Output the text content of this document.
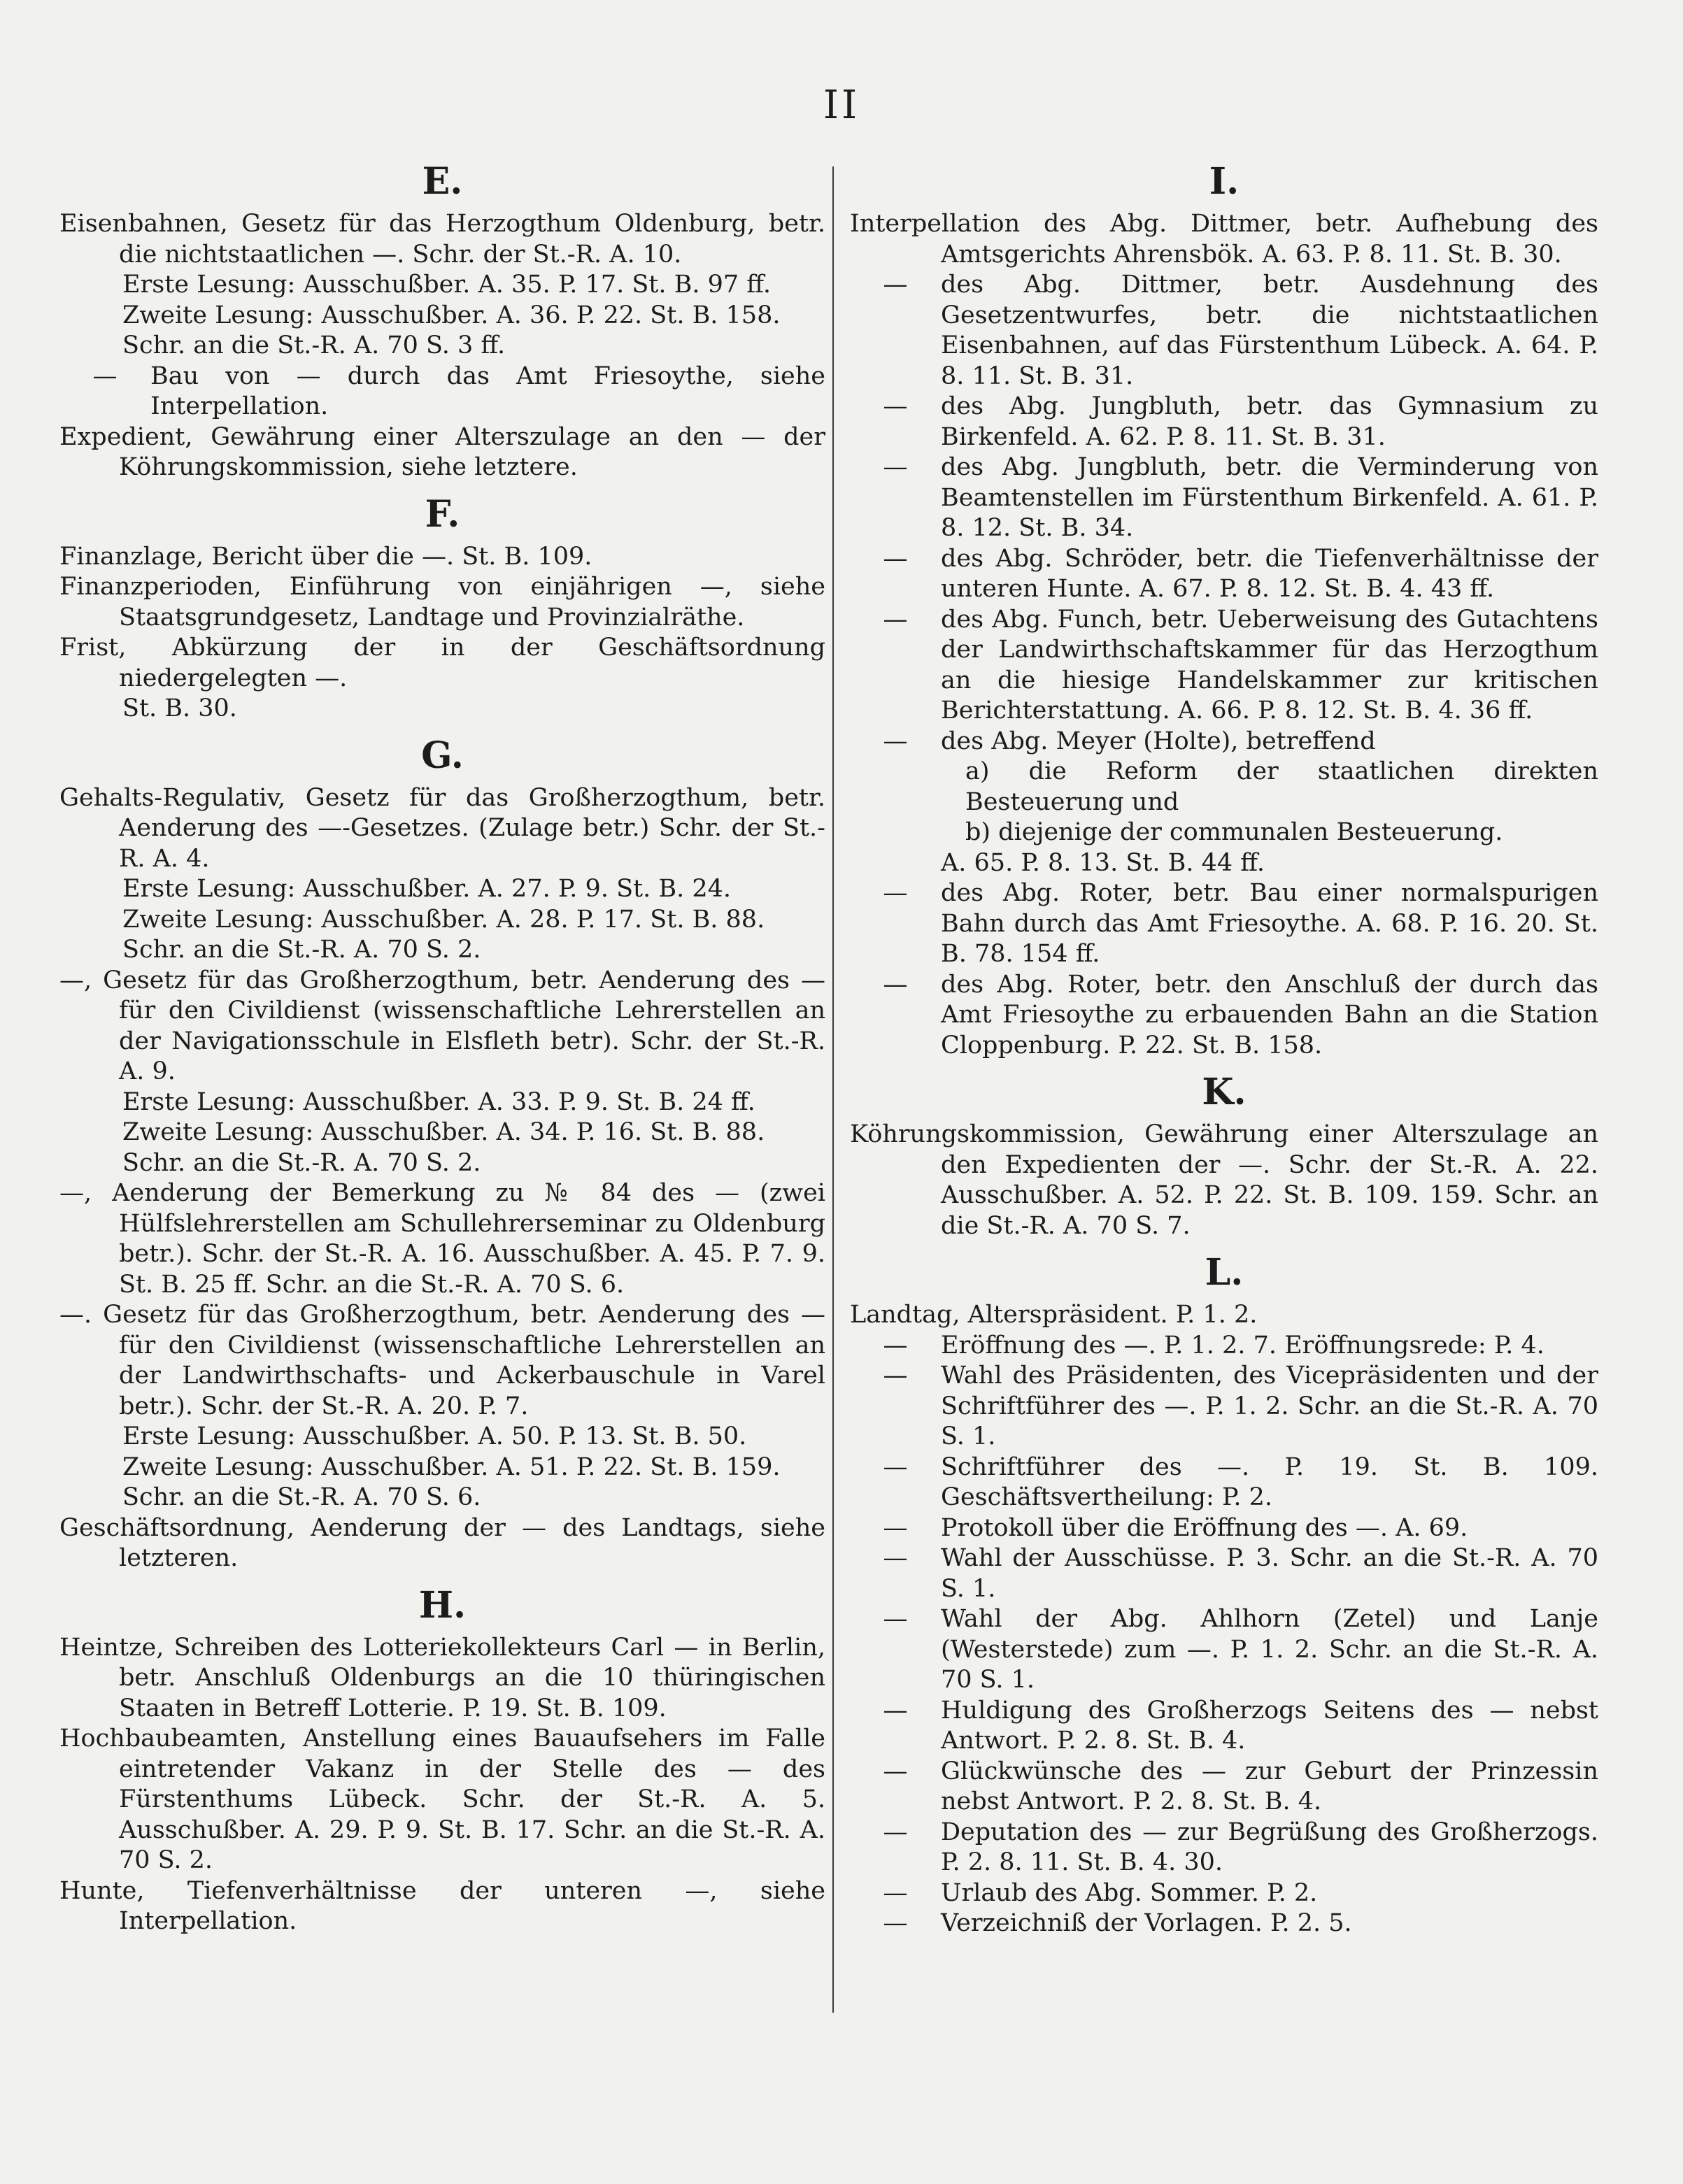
II
E.
Eisenbahnen, Gesetz für das Herzogthum Oldenburg, betr. die nichtstaatlichen —. Schr. der St.-R. A. 10.
Erste Lesung: Ausschußber. A. 35. P. 17. St. B. 97 ff.
Zweite Lesung: Ausschußber. A. 36. P. 22. St. B. 158.
Schr. an die St.-R. A. 70 S. 3 ff.
—	Bau von — durch das Amt Friesoythe, siehe Interpellation.
Expedient, Gewährung einer Alterszulage an den — der Köhrungskommission, siehe letztere.
F.
Finanzlage, Bericht über die —. St. B. 109.
Finanzperioden, Einführung von einjährigen —, siehe Staatsgrundgesetz, Landtage und Provinzialräthe.
Frist, Abkürzung der in der Geschäftsordnung niedergelegten —.
St. B. 30.
G.
Gehalts-Regulativ, Gesetz für das Großherzogthum, betr. Aenderung des —-Gesetzes. (Zulage betr.) Schr. der St.-R. A. 4.
Erste Lesung: Ausschußber. A. 27. P. 9. St. B. 24.
Zweite Lesung: Ausschußber. A. 28. P. 17. St. B. 88.
Schr. an die St.-R. A. 70 S. 2.
—, Gesetz für das Großherzogthum, betr. Aenderung des — für den Civildienst (wissenschaftliche Lehrerstellen an der Navigationsschule in Elsfleth betr). Schr. der St.-R. A. 9.
Erste Lesung: Ausschußber. A. 33. P. 9. St. B. 24 ff.
Zweite Lesung: Ausschußber. A. 34. P. 16. St. B. 88.
Schr. an die St.-R. A. 70 S. 2.
—, Aenderung der Bemerkung zu № 84 des — (zwei Hülfslehrerstellen am Schullehrerseminar zu Oldenburg betr.). Schr. der St.-R. A. 16. Ausschußber. A. 45. P. 7. 9. St. B. 25 ff. Schr. an die St.-R. A. 70 S. 6.
—. Gesetz für das Großherzogthum, betr. Aenderung des — für den Civildienst (wissenschaftliche Lehrerstellen an der Landwirthschafts- und Ackerbauschule in Varel betr.). Schr. der St.-R. A. 20. P. 7.
Erste Lesung: Ausschußber. A. 50. P. 13. St. B. 50.
Zweite Lesung: Ausschußber. A. 51. P. 22. St. B. 159.
Schr. an die St.-R. A. 70 S. 6.
Geschäftsordnung, Aenderung der — des Landtags, siehe letzteren.
H.
Heintze, Schreiben des Lotteriekollekteurs Carl — in Berlin, betr. Anschluß Oldenburgs an die 10 thüringischen Staaten in Betreff Lotterie. P. 19. St. B. 109.
Hochbaubeamten, Anstellung eines Bauaufsehers im Falle eintretender Vakanz in der Stelle des — des Fürstenthums Lübeck. Schr. der St.-R. A. 5. Ausschußber. A. 29. P. 9. St. B. 17. Schr. an die St.-R. A. 70 S. 2.
Hunte, Tiefenverhältnisse der unteren —, siehe Interpellation.
I.
Interpellation des Abg. Dittmer, betr. Aufhebung des Amtsgerichts Ahrensbök. A. 63. P. 8. 11. St. B. 30.
—	des Abg. Dittmer, betr. Ausdehnung des Gesetzentwurfes, betr. die nichtstaatlichen Eisenbahnen, auf das Fürstenthum Lübeck. A. 64. P. 8. 11. St. B. 31.
—	des Abg. Jungbluth, betr. das Gymnasium zu Birkenfeld. A. 62. P. 8. 11. St. B. 31.
—	des Abg. Jungbluth, betr. die Verminderung von Beamtenstellen im Fürstenthum Birkenfeld. A. 61. P. 8. 12. St. B. 34.
—	des Abg. Schröder, betr. die Tiefenverhältnisse der unteren Hunte. A. 67. P. 8. 12. St. B. 4. 43 ff.
—	des Abg. Funch, betr. Ueberweisung des Gutachtens der Landwirthschaftskammer für das Herzogthum an die hiesige Handelskammer zur kritischen Berichterstattung. A. 66. P. 8. 12. St. B. 4. 36 ff.
—	des Abg. Meyer (Holte), betreffend
a) die Reform der staatlichen direkten Besteuerung und
b) diejenige der communalen Besteuerung.
A. 65. P. 8. 13. St. B. 44 ff.
—	des Abg. Roter, betr. Bau einer normalspurigen Bahn durch das Amt Friesoythe. A. 68. P. 16. 20. St. B. 78. 154 ff.
—	des Abg. Roter, betr. den Anschluß der durch das Amt Friesoythe zu erbauenden Bahn an die Station Cloppenburg. P. 22. St. B. 158.
K.
Köhrungskommission, Gewährung einer Alterszulage an den Expedienten der —. Schr. der St.-R. A. 22. Ausschußber. A. 52. P. 22. St. B. 109. 159. Schr. an die St.-R. A. 70 S. 7.
L.
Landtag, Alterspräsident. P. 1. 2.
—	Eröffnung des —. P. 1. 2. 7. Eröffnungsrede: P. 4.
—	Wahl des Präsidenten, des Vicepräsidenten und der Schriftführer des —. P. 1. 2. Schr. an die St.-R. A. 70 S. 1.
—	Schriftführer des —. P. 19. St. B. 109. Geschäftsvertheilung: P. 2.
—	Protokoll über die Eröffnung des —. A. 69.
—	Wahl der Ausschüsse. P. 3. Schr. an die St.-R. A. 70 S. 1.
—	Wahl der Abg. Ahlhorn (Zetel) und Lanje (Westerstede) zum —. P. 1. 2. Schr. an die St.-R. A. 70 S. 1.
—	Huldigung des Großherzogs Seitens des — nebst Antwort. P. 2. 8. St. B. 4.
—	Glückwünsche des — zur Geburt der Prinzessin nebst Antwort. P. 2. 8. St. B. 4.
—	Deputation des — zur Begrüßung des Großherzogs. P. 2. 8. 11. St. B. 4. 30.
—	Urlaub des Abg. Sommer. P. 2.
—	Verzeichniß der Vorlagen. P. 2. 5.
